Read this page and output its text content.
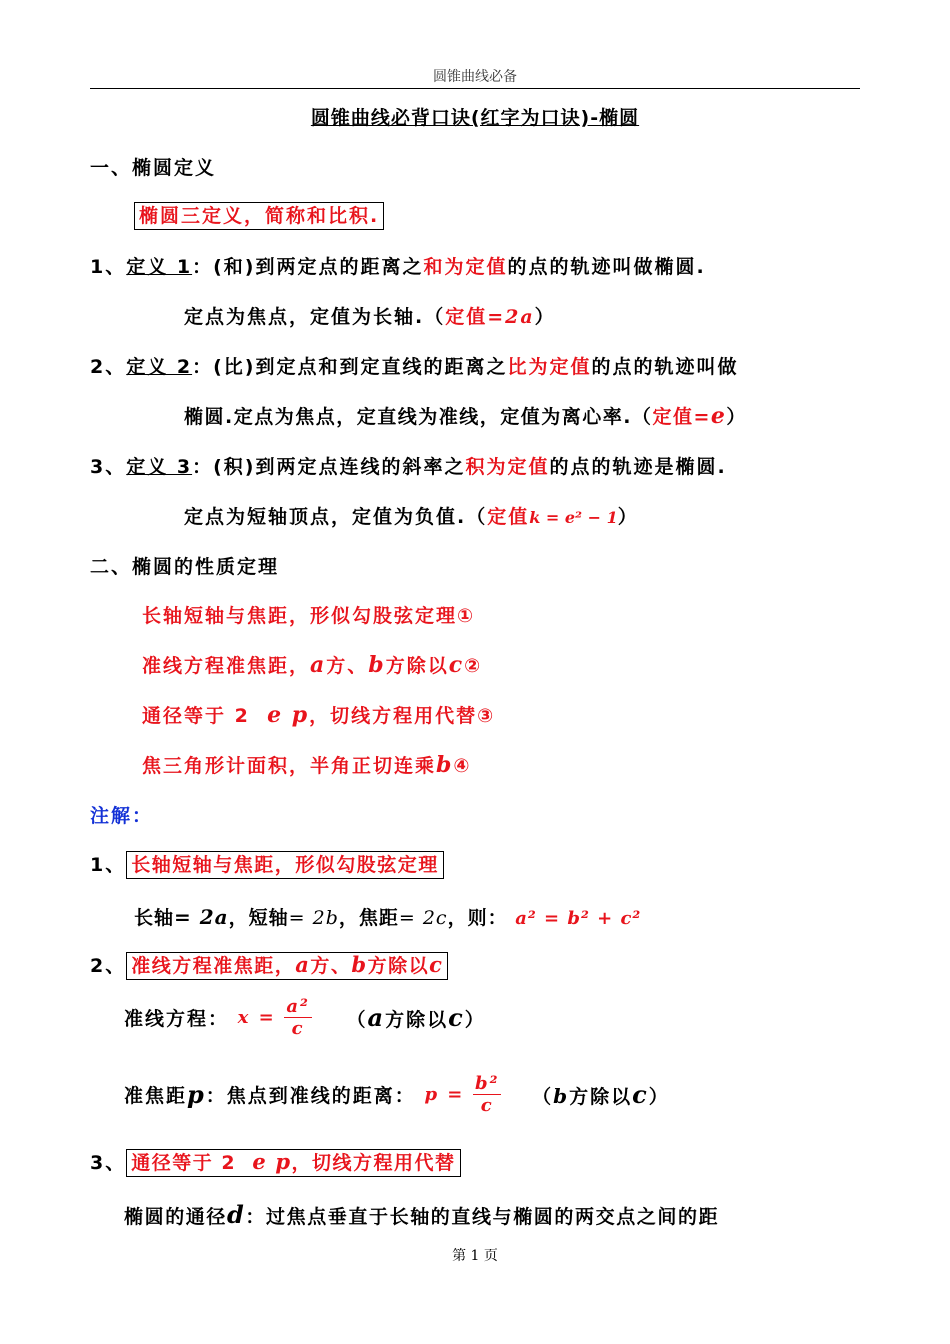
圆锥曲线必备
圆锥曲线必背口诀(红字为口诀)-椭圆
一、椭圆定义
椭圆三定义，简称和比积.
1、定义 1：(和)到两定点的距离之和为定值的点的轨迹叫做椭圆.
定点为焦点，定值为长轴.（定值=2a）
2、定义 2：(比)到定点和到定直线的距离之比为定值的点的轨迹叫做
椭圆.定点为焦点，定直线为准线，定值为离心率.（定值=e）
3、定义 3：(积)到两定点连线的斜率之积为定值的点的轨迹是椭圆.
定点为短轴顶点，定值为负值.（定值k = e² − 1）
二、椭圆的性质定理
长轴短轴与焦距，形似勾股弦定理①
准线方程准焦距，a方、b方除以c②
通径等于 2 e p，切线方程用代替③
焦三角形计面积，半角正切连乘b④
注解：
1、 长轴短轴与焦距，形似勾股弦定理
长轴= 2a，短轴= 2b，焦距= 2c，则： a² = b² + c²
2、 准线方程准焦距，a方、b方除以c
准线方程： $x = \frac{\text{a²}}{c} (a$方除以c）
准焦距p：焦点到准线的距离： $p = \frac{\text{b²}}{c} (b$方除以c）
3、 通径等于 2 e p，切线方程用代替
椭圆的通径d：过焦点垂直于长轴的直线与椭圆的两交点之间的距
第 1 页
